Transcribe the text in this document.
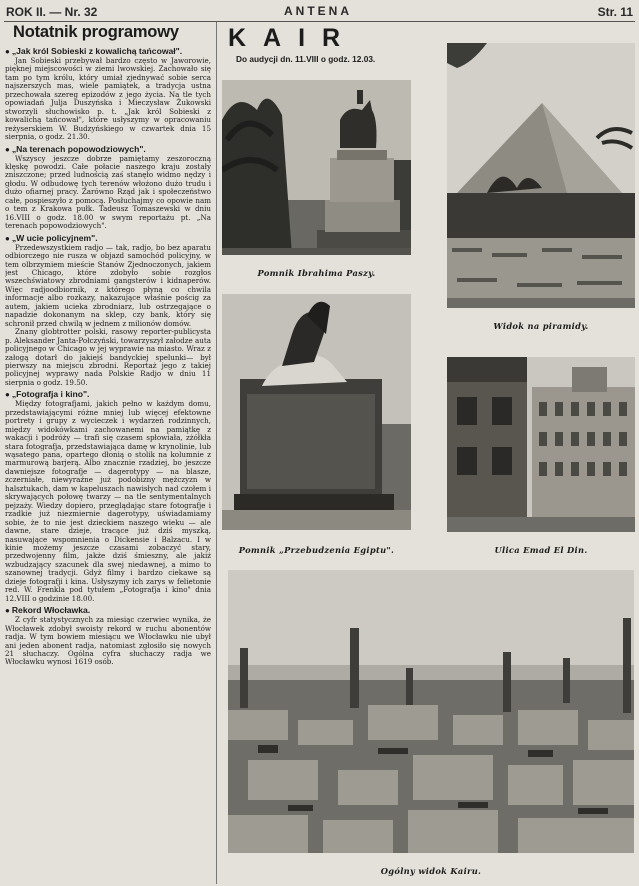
ROK II. — Nr. 32	ANTENA	Str. 11
Notatnik programowy
● „Jak król Sobieski z kowalichą tańcował".

Jan Sobieski przebywał bardzo często w Jaworowie, pięknej miejscowości w ziemi lwowskiej. Zachowało się tam po tym królu, który umiał zjednywać sobie serca najszerszych mas, wiele pamiątek, a tradycja ustna przechowała szereg epizodów z jego życia. Na tle tych opowiadań Julja Duszyńska i Mieczysław Żukowski stworzyli słuchowisko p. t. „Jak król Sobieski z kowalichą tańcował", które usłyszymy w opracowaniu reżyserskiem W. Budzyńskiego w czwartek dnia 15 sierpnia, o godz. 21.30.

● „Na terenach popowodziowych".

Wszyscy jeszcze dobrze pamiętamy zeszoroczną klęskę powodzi. Całe połacie naszego kraju zostały zniszczone; przed ludnością zaś stanęło widmo nędzy i głodu. W odbudowę tych terenów włożono dużo trudu i dużo ofiarnej pracy. Zarówno Rząd jak i społeczeństwo całe, pospieszyło z pomocą. Posłuchajmy co opowie nam o tem z Krakowa pułk. Tadeusz Tomaszewski w dniu 16.VIII o godz. 18.00 w swym reportażu pt. „Na terenach popowodziowych".

● „W ucie policyjnem".

Przedewszystkiem radjo — tak, radjo, bo bez aparatu odbiorczego nie rusza w objazd samochód policyjny, w tem olbrzymiem mieście Stanów Zjednoczonych, jakiem jest Chicago, które zdobyło sobie rozgłos wszechświatowy zbrodniami gangsterów i kidnaperów. Więc radjoodbiornik, z którego płyną co chwila informacje albo rozkazy, nakazujące właśnie pościg za autem, jakiem ucieka zbrodniarz, lub ostrzegające o napadzie dokonanym na sklep, czy bank, który się schronił przed chwilą w jednem z milionów domów.

Znany globtrotter polski, rasowy reporter-publicysta p. Aleksander Janta-Połczyński, towarzyszył załodze auta policyjnego w Chicago w jej wyprawie na miasto. Wraz z załogą dotarł do jakiejś bandyckiej spelunki— był pierwszy na miejscu zbrodni. Reportaż jego z takiej policyjnej wyprawy nada Polskie Radjo w dniu 11 sierpnia o godz. 19.50.

● „Fotografja i kino".

Między fotografjami, jakich pełno w każdym domu, przedstawiającymi różne mniej lub więcej efektowne portrety i grupy z wycieczek i wydarzeń rodzinnych, między widokówkami zachowanemi na pamiątkę z wakacji i podróży — trafi się czasem spłowiała, zżółkła stara fotografja, przedstawiająca damę w krynolinie, lub wąsatego pana, opartego dłonią o stolik na kolumnie z marmurową barjerą. Albo znacznie rzadziej, bo jeszcze dawniejsze fotografje — dagerotypy — na blasze, zczerniałe, niewyraźne już podobizny mężczyzn w halsztukach, dam w kapeluszach nawisłych nad czołem i skrywających połowę twarzy — na tle sentymentalnych pejzaży. Wiedzy dopiero, przeglądając stare fotografje i rzadkie już niezmiernie dagerotypy, uświadamiamy sobie, że to nie jest dzieckiem naszego wieku — ale dawne, stare dzieje, tracące już dziś myszką, nasuwające wspomnienia o Dickensie i Balzacu. I w kinie możemy jeszcze czasami zobaczyć stary, przedwojenny film, jakże dziś śmieszny, ale jakiż wzbudzający szacunek dla swej niedawnej, a mimo to szanownej tradycji. Gdyż filmy i bardzo ciekawe są dzieje fotografji i kina. Usłyszymy ich zarys w felietonie red. W. Frenkla pod tytułem „Fotografja i kino" dnia 12.VIII o godzinie 18.00.

● Rekord Włocławka.

Z cyfr statystycznych za miesiąc czerwiec wynika, że Włocławek zdobył swoisty rekord w ruchu abonentów radja. W tym bowiem miesiącu we Włocławku nie ubył ani jeden abonent radja, natomiast zgłosiło się nowych 21 słuchaczy. Ogólna cyfra słuchaczy radja we Włocławku wynosi 1619 osób.

KAIR
Do audycji dn. 11.VIII o godz. 12.03.
Pomnik Ibrahima Paszy.
Widok na piramidy.
Pomnik „Przebudzenia Egiptu".	Ulica Emad El Din.
Ogólny widok Kairu.
